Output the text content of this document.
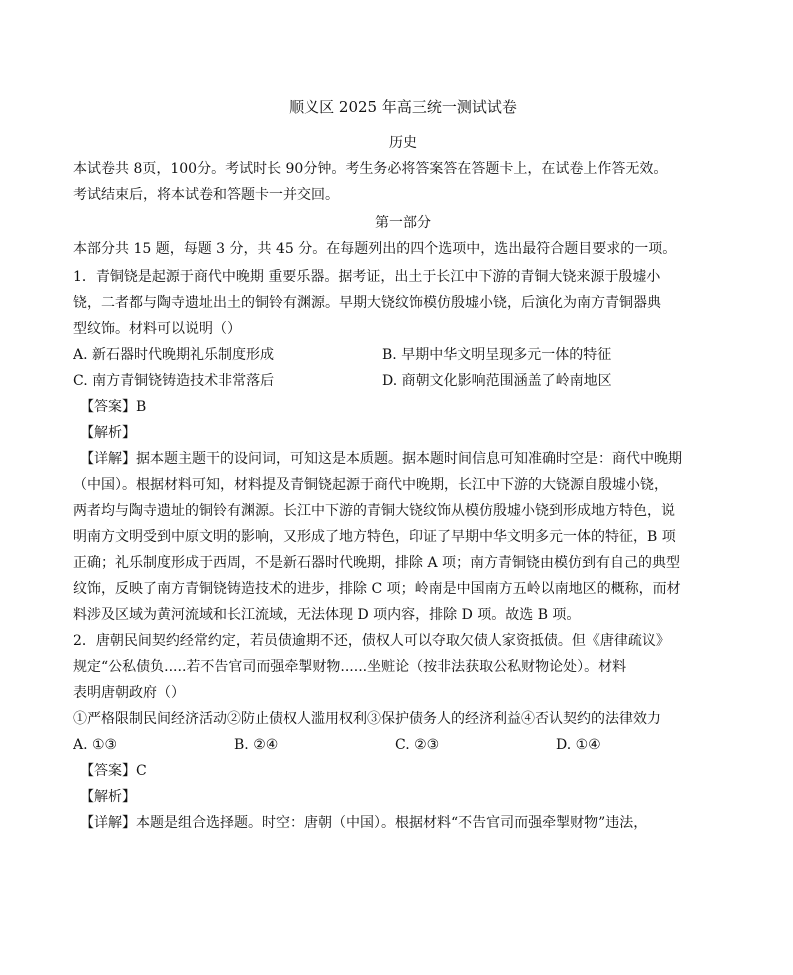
顺义区 2025 年高三统一测试试卷
历史
本试卷共 8页，100分。考试时长 90分钟。考生务必将答案答在答题卡上，在试卷上作答无效。
考试结束后，将本试卷和答题卡一并交回。
第一部分
本部分共 15 题，每题 3 分，共 45 分。在每题列出的四个选项中，选出最符合题目要求的一项。
1．青铜铙是起源于商代中晚期 重要乐器。据考证，出土于长江中下游的青铜大铙来源于殷墟小
铙，二者都与陶寺遗址出土的铜铃有渊源。早期大铙纹饰模仿殷墟小铙，后演化为南方青铜器典
型纹饰。材料可以说明（）
A. 新石器时代晚期礼乐制度形成	B. 早期中华文明呈现多元一体的特征
C. 南方青铜铙铸造技术非常落后	D. 商朝文化影响范围涵盖了岭南地区
【答案】B
【解析】
【详解】据本题主题干的设问词，可知这是本质题。据本题时间信息可知准确时空是：商代中晚期
（中国）。根据材料可知，材料提及青铜铙起源于商代中晚期，长江中下游的大铙源自殷墟小铙，
两者均与陶寺遗址的铜铃有渊源。长江中下游的青铜大铙纹饰从模仿殷墟小铙到形成地方特色，说
明南方文明受到中原文明的影响，又形成了地方特色，印证了早期中华文明多元一体的特征，B 项
正确；礼乐制度形成于西周，不是新石器时代晚期，排除 A 项；南方青铜铙由模仿到有自己的典型
纹饰，反映了南方青铜铙铸造技术的进步，排除 C 项；岭南是中国南方五岭以南地区的概称，而材
料涉及区域为黄河流域和长江流域，无法体现 D 项内容，排除 D 项。故选 B 项。
2．唐朝民间契约经常约定，若员债逾期不还，债权人可以夺取欠债人家资抵债。但《唐律疏议》
规定“公私债负.....若不告官司而强牵掣财物......坐赃论（按非法获取公私财物论处）。材料
表明唐朝政府（）
①严格限制民间经济活动②防止债权人滥用权利③保护债务人的经济利益④否认契约的法律效力
A. ①③	B. ②④	C. ②③	D. ①④
【答案】C
【解析】
【详解】本题是组合选择题。时空：唐朝（中国）。根据材料“不告官司而强牵掣财物”违法，
